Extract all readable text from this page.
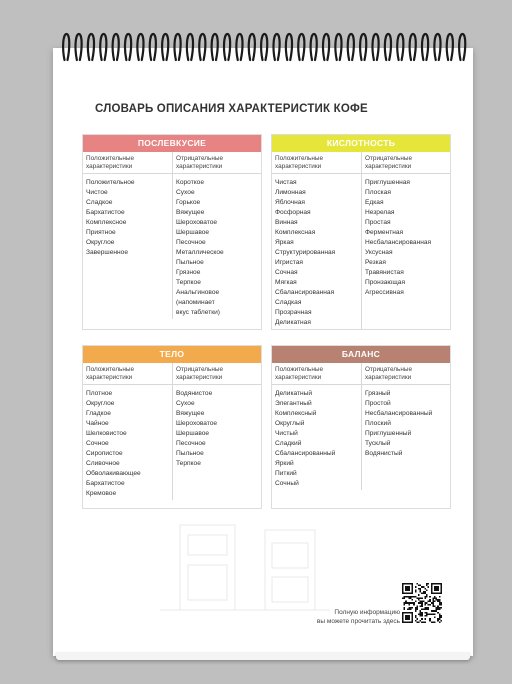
СЛОВАРЬ ОПИСАНИЯ ХАРАКТЕРИСТИК КОФЕ
ПОСЛЕВКУСИЕ
Положительные характеристики
Положительное
Чистое
Сладкое
Бархатистое
Комплексное
Приятное
Округлое
Завершенное
Отрицательные характеристики
Короткое
Сухое
Горькое
Вяжущее
Шероховатое
Шершавое
Песочное
Металлическое
Пыльное
Грязное
Терпкое
Анальгиновое
(напоминает
вкус таблетки)
КИСЛОТНОСТЬ
Положительные характеристики
Чистая
Лимонная
Яблочная
Фосфорная
Винная
Комплексная
Яркая
Структурированная
Игристая
Сочная
Мягкая
Сбалансированная
Сладкая
Прозрачная
Деликатная
Отрицательные характеристики
Приглушенная
Плоская
Едкая
Незрелая
Простая
Ферментная
Несбалансированная
Уксусная
Резкая
Травянистая
Пронзающая
Агрессивная
ТЕЛО
Положительные характеристики
Плотное
Округлое
Гладкое
Чайное
Шелковистое
Сочное
Сиропистое
Сливочное
Обволакивающее
Бархатистое
Кремовое
Отрицательные характеристики
Водянистое
Сухое
Вяжущее
Шероховатое
Шершавое
Песочное
Пыльное
Терпкое
БАЛАНС
Положительные характеристики
Деликатный
Элегантный
Комплексный
Округлый
Чистый
Сладкий
Сбалансированный
Яркий
Питкий
Сочный
Отрицательные характеристики
Грязный
Простой
Несбалансированный
Плоский
Приглушенный
Тусклый
Водянистый
Полную информацию
вы можете прочитать здесь
